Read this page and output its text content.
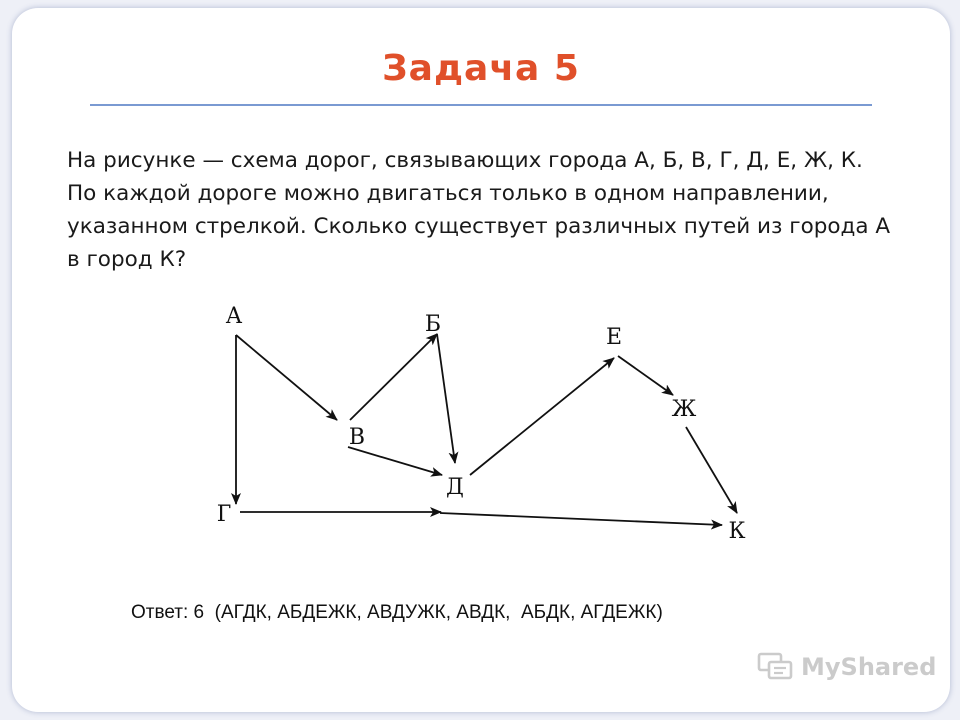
Задача 5

На рисунке — схема дорог, связывающих города А, Б, В, Г, Д, Е, Ж, К. По каждой дороге можно двигаться только в одном направлении, указанном стрелкой. Сколько существует различных путей из города А в город К?

А	Б
В
Г
Д
Е
Ж
К

Ответ: 6  (АГДК, АБДЕЖК, АВДУЖК, АВДК,  АБДК, АГДЕЖК)

MyShared
